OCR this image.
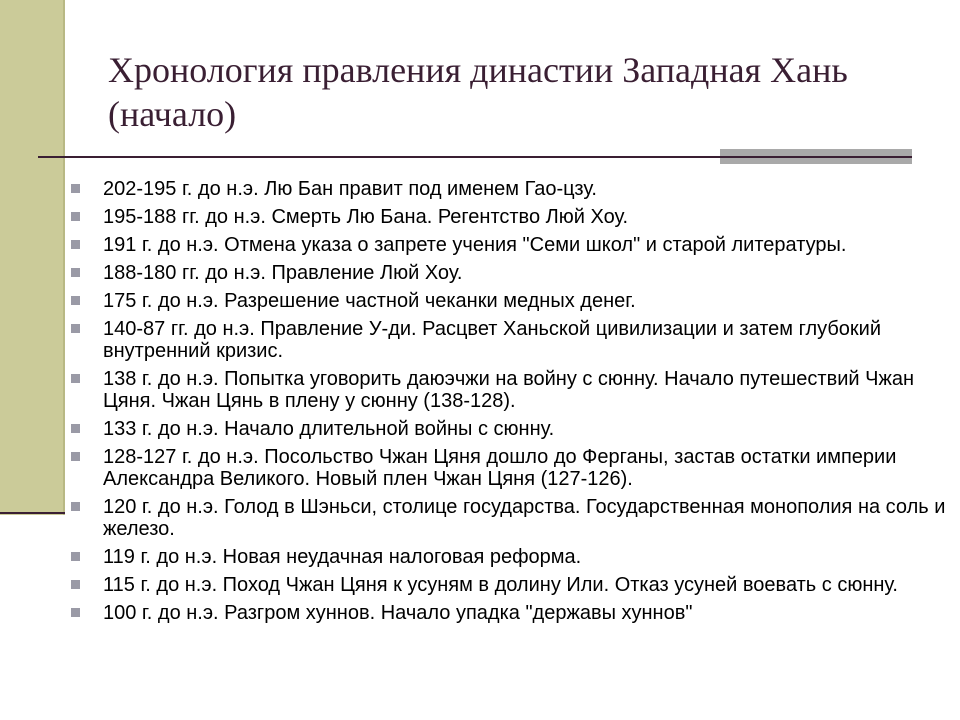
Хронология правления династии Западная Хань (начало)
202-195 г. до н.э. Лю Бан правит под именем Гао-цзу.
195-188 гг. до н.э. Смерть Лю Бана. Регентство Люй Хоу.
191 г. до н.э. Отмена указа о запрете учения "Семи школ" и старой литературы.
188-180 гг. до н.э. Правление Люй Хоу.
175 г. до н.э. Разрешение частной чеканки медных денег.
140-87 гг. до н.э. Правление У-ди. Расцвет Ханьской цивилизации и затем глубокий внутренний кризис.
138 г. до н.э. Попытка уговорить даюэчжи на войну с сюнну. Начало путешествий Чжан Цяня. Чжан Цянь в плену у сюнну (138-128).
133 г. до н.э. Начало длительной войны с сюнну.
128-127 г. до н.э. Посольство Чжан Цяня дошло до Ферганы, застав остатки империи Александра Великого. Новый плен Чжан Цяня (127-126).
120 г. до н.э. Голод в Шэньси, столице государства. Государственная монополия на соль и железо.
119 г. до н.э. Новая неудачная налоговая реформа.
115 г. до н.э. Поход Чжан Цяня к усуням в долину Или. Отказ усуней воевать с сюнну.
100 г. до н.э. Разгром хуннов. Начало упадка "державы хуннов"
